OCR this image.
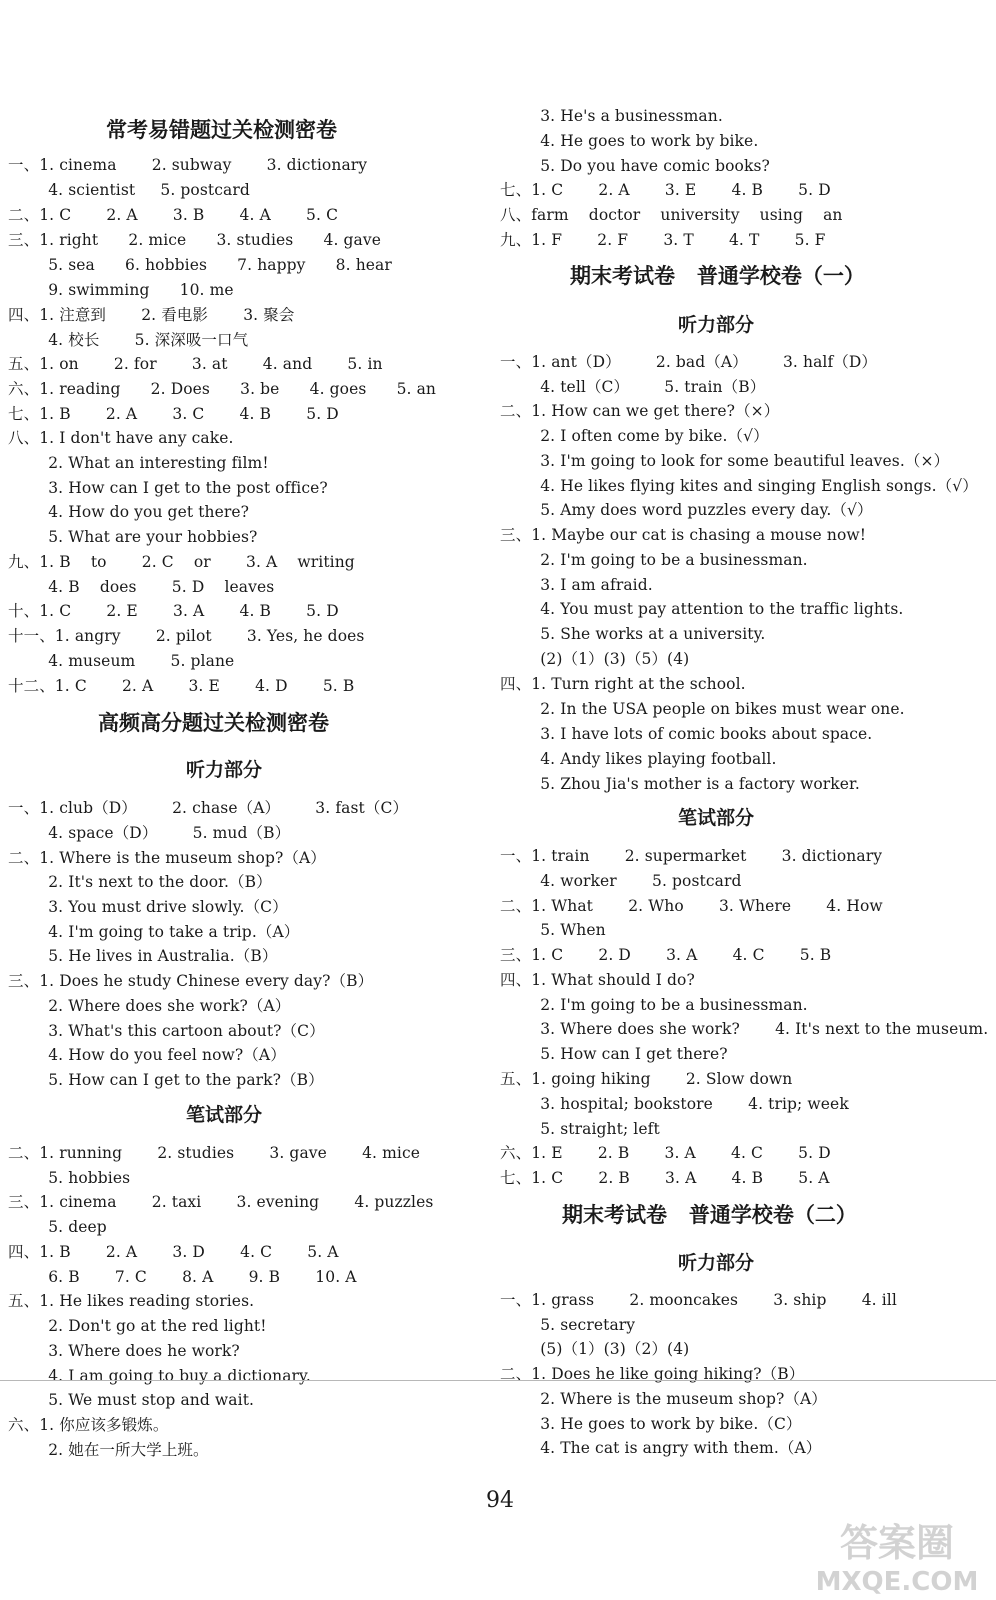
常考易错题过关检测密卷
一、1. cinema       2. subway       3. dictionary
4. scientist     5. postcard
二、1. C       2. A       3. B       4. A       5. C
三、1. right      2. mice      3. studies      4. gave
5. sea      6. hobbies      7. happy      8. hear
9. swimming      10. me
四、1. 注意到       2. 看电影       3. 聚会
4. 校长       5. 深深吸一口气
五、1. on       2. for       3. at       4. and       5. in
六、1. reading      2. Does      3. be      4. goes      5. an
七、1. B       2. A       3. C       4. B       5. D
八、1. I don't have any cake.
2. What an interesting film!
3. How can I get to the post office?
4. How do you get there?
5. What are your hobbies?
九、1. B    to       2. C    or       3. A    writing
4. B    does       5. D    leaves
十、1. C       2. E       3. A       4. B       5. D
十一、1. angry       2. pilot       3. Yes, he does
4. museum       5. plane
十二、1. C       2. A       3. E       4. D       5. B
高频高分题过关检测密卷
听力部分
一、1. club（D）       2. chase（A）       3. fast（C）
4. space（D）       5. mud（B）
二、1. Where is the museum shop?（A）
2. It's next to the door.（B）
3. You must drive slowly.（C）
4. I'm going to take a trip.（A）
5. He lives in Australia.（B）
三、1. Does he study Chinese every day?（B）
2. Where does she work?（A）
3. What's this cartoon about?（C）
4. How do you feel now?（A）
5. How can I get to the park?（B）
笔试部分
二、1. running       2. studies       3. gave       4. mice
5. hobbies
三、1. cinema       2. taxi       3. evening       4. puzzles
5. deep
四、1. B       2. A       3. D       4. C       5. A
6. B       7. C       8. A       9. B       10. A
五、1. He likes reading stories.
2. Don't go at the red light!
3. Where does he work?
4. I am going to buy a dictionary.
5. We must stop and wait.
六、1. 你应该多锻炼。
2. 她在一所大学上班。
3. He's a businessman.
4. He goes to work by bike.
5. Do you have comic books?
七、1. C       2. A       3. E       4. B       5. D
八、farm    doctor    university    using    an
九、1. F       2. F       3. T       4. T       5. F
期末考试卷   普通学校卷（一）
听力部分
一、1. ant（D）       2. bad（A）       3. half（D）
4. tell（C）       5. train（B）
二、1. How can we get there?（×）
2. I often come by bike.（√）
3. I'm going to look for some beautiful leaves.（×）
4. He likes flying kites and singing English songs.（√）
5. Amy does word puzzles every day.（√）
三、1. Maybe our cat is chasing a mouse now!
2. I'm going to be a businessman.
3. I am afraid.
4. You must pay attention to the traffic lights.
5. She works at a university.
(2)（1）(3)（5）(4)
四、1. Turn right at the school.
2. In the USA people on bikes must wear one.
3. I have lots of comic books about space.
4. Andy likes playing football.
5. Zhou Jia's mother is a factory worker.
笔试部分
一、1. train       2. supermarket       3. dictionary
4. worker       5. postcard
二、1. What       2. Who       3. Where       4. How
5. When
三、1. C       2. D       3. A       4. C       5. B
四、1. What should I do?
2. I'm going to be a businessman.
3. Where does she work?       4. It's next to the museum.
5. How can I get there?
五、1. going hiking       2. Slow down
3. hospital; bookstore       4. trip; week
5. straight; left
六、1. E       2. B       3. A       4. C       5. D
七、1. C       2. B       3. A       4. B       5. A
期末考试卷   普通学校卷（二）
听力部分
一、1. grass       2. mooncakes       3. ship       4. ill
5. secretary
(5)（1）(3)（2）(4)
二、1. Does he like going hiking?（B）
2. Where is the museum shop?（A）
3. He goes to work by bike.（C）
4. The cat is angry with them.（A）
94
答案圈
MXQE.COM
